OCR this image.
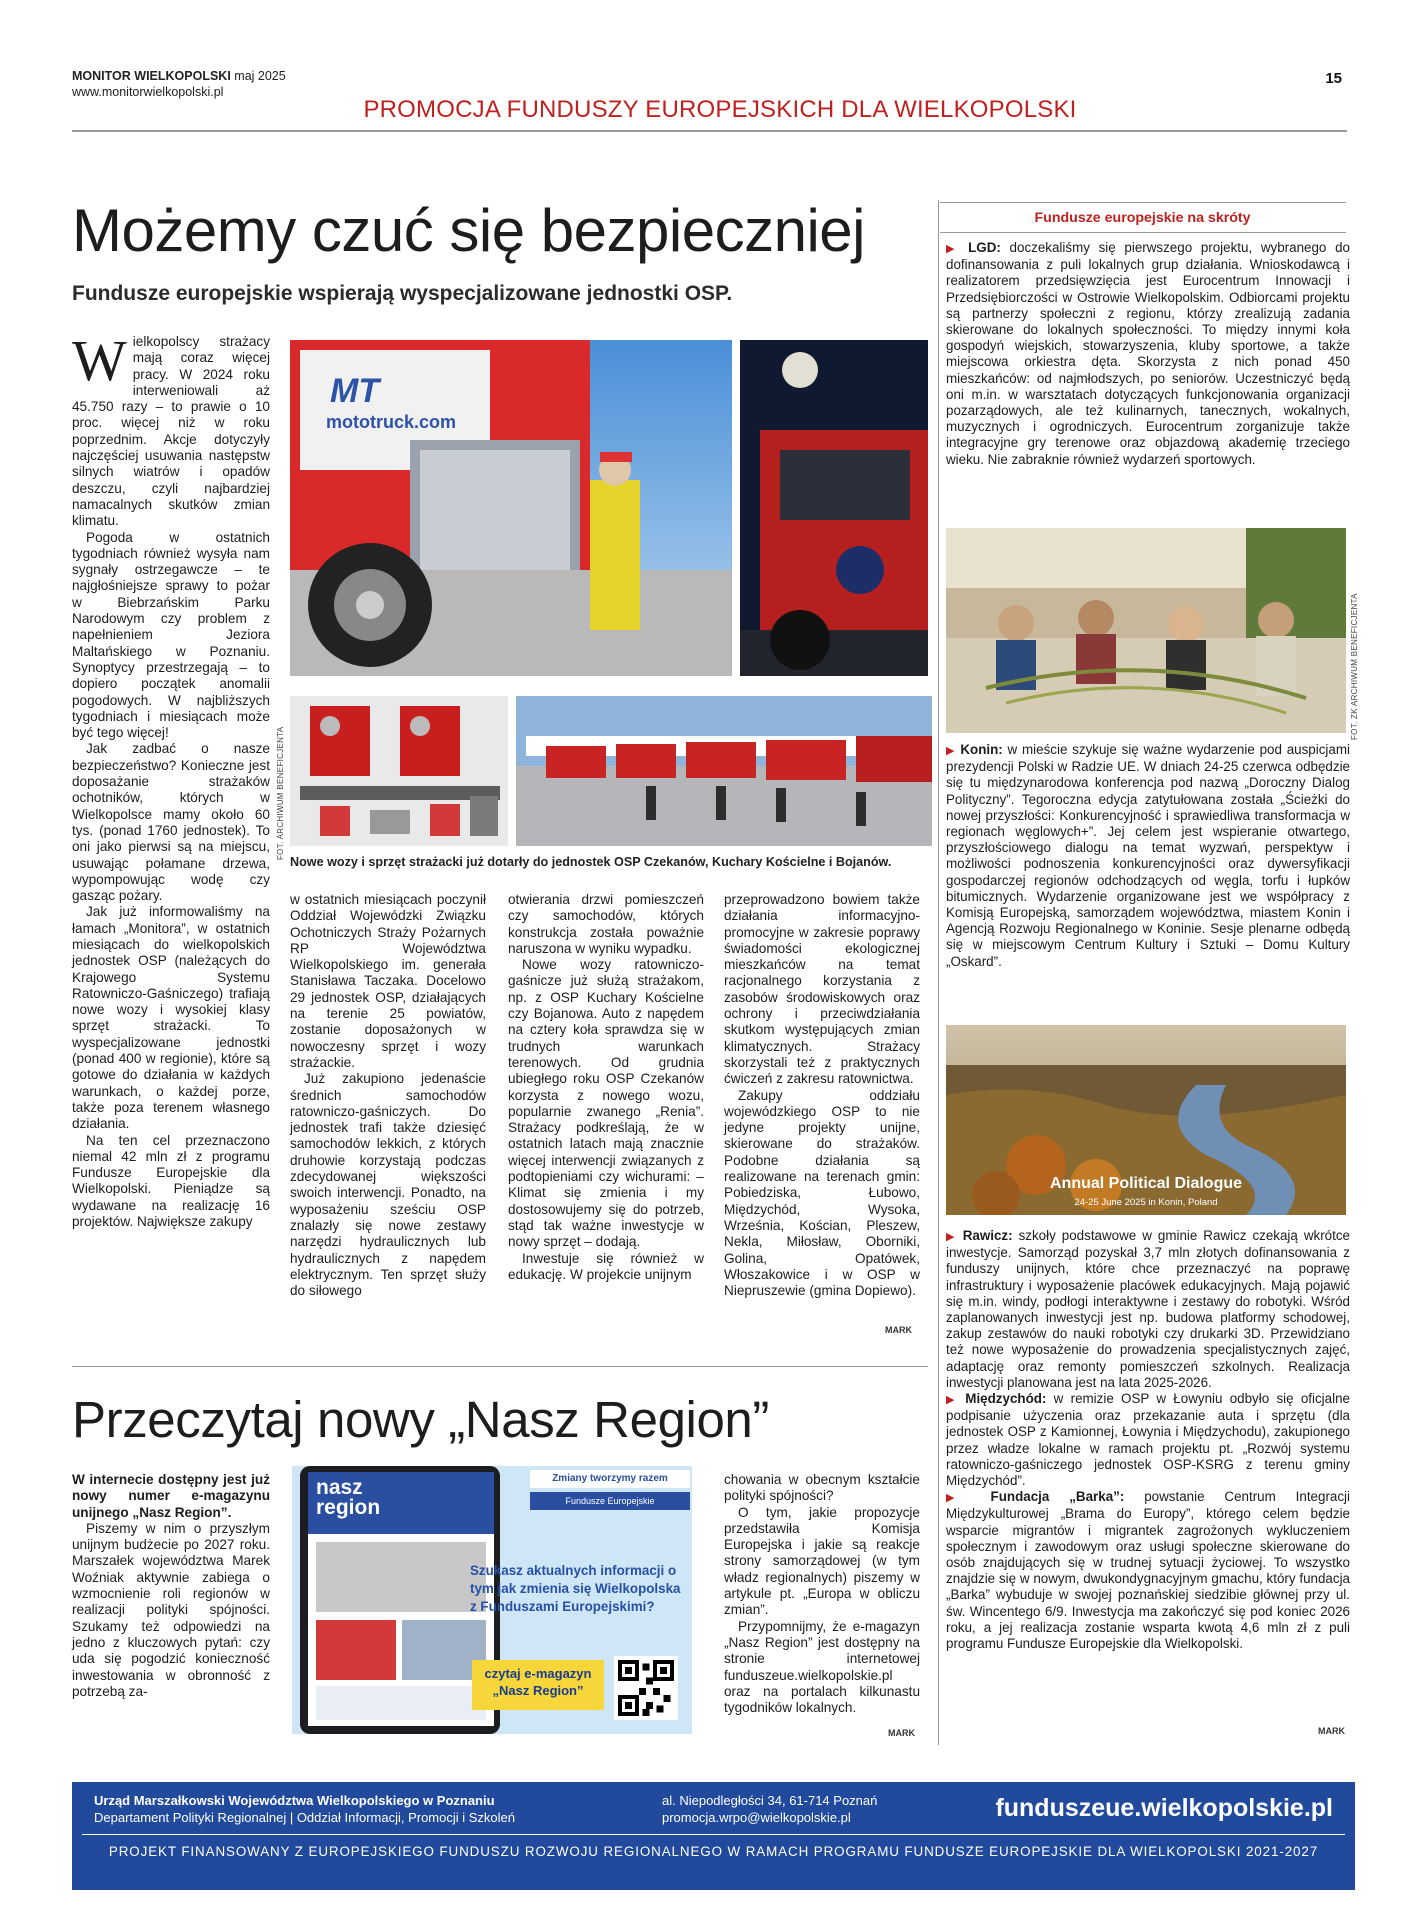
MONITOR WIELKOPOLSKI maj 2025
www.monitorwielkopolski.pl
PROMOCJA FUNDUSZY EUROPEJSKICH DLA WIELKOPOLSKI
15
Możemy czuć się bezpieczniej
Fundusze europejskie wspierają wyspecjalizowane jednostki OSP.

Wielkopolscy strażacy mają coraz więcej pracy. W 2024 roku interweniowali aż 45.750 razy – to prawie o 10 proc. więcej niż w roku poprzednim. Akcje dotyczyły najczęściej usuwania następstw silnych wiatrów i opadów deszczu, czyli najbardziej namacalnych skutków zmian klimatu.

Pogoda w ostatnich tygodniach również wysyła nam sygnały ostrzegawcze – te najgłośniejsze sprawy to pożar w Biebrzańskim Parku Narodowym czy problem z napełnieniem Jeziora Maltańskiego w Poznaniu. Synoptycy przestrzegają – to dopiero początek anomalii pogodowych. W najbliższych tygodniach i miesiącach może być tego więcej!

Jak zadbać o nasze bezpieczeństwo? Konieczne jest doposażanie strażaków ochotników, których w Wielkopolsce mamy około 60 tys. (ponad 1760 jednostek). To oni jako pierwsi są na miejscu, usuwając połamane drzewa, wypompowując wodę czy gasząc pożary.

Jak już informowaliśmy na łamach „Monitora”, w ostatnich miesiącach do wielkopolskich jednostek OSP (należących do Krajowego Systemu Ratowniczo-Gaśniczego) trafiają nowe wozy i wysokiej klasy sprzęt strażacki. To wyspecjalizowane jednostki (ponad 400 w regionie), które są gotowe do działania w każdych warunkach, o każdej porze, także poza terenem własnego działania.

Na ten cel przeznaczono niemal 42 mln zł z programu Fundusze Europejskie dla Wielkopolski. Pieniądze są wydawane na realizację 16 projektów. Największe zakupy

MT
mototruck.com
FOT. ARCHIWUM BENEFICJENTA
Nowe wozy i sprzęt strażacki już dotarły do jednostek OSP Czekanów, Kuchary Kościelne i Bojanów.

w ostatnich miesiącach poczynił Oddział Wojewódzki Związku Ochotniczych Straży Pożarnych RP Województwa Wielkopolskiego im. generała Stanisława Taczaka. Docelowo 29 jednostek OSP, działających na terenie 25 powiatów, zostanie doposażonych w nowoczesny sprzęt i wozy strażackie.

Już zakupiono jedenaście średnich samochodów ratowniczo-gaśniczych. Do jednostek trafi także dziesięć samochodów lekkich, z których druhowie korzystają podczas zdecydowanej większości swoich interwencji. Ponadto, na wyposażeniu sześciu OSP znalazły się nowe zestawy narzędzi hydraulicznych lub hydraulicznych z napędem elektrycznym. Ten sprzęt służy do siłowego

otwierania drzwi pomieszczeń czy samochodów, których konstrukcja została poważnie naruszona w wyniku wypadku.

Nowe wozy ratowniczo-gaśnicze już służą strażakom, np. z OSP Kuchary Kościelne czy Bojanowa. Auto z napędem na cztery koła sprawdza się w trudnych warunkach terenowych. Od grudnia ubiegłego roku OSP Czekanów korzysta z nowego wozu, popularnie zwanego „Renia”. Strażacy podkreślają, że w ostatnich latach mają znacznie więcej interwencji związanych z podtopieniami czy wichurami: – Klimat się zmienia i my dostosowujemy się do potrzeb, stąd tak ważne inwestycje w nowy sprzęt – dodają.

Inwestuje się również w edukację. W projekcie unijnym

przeprowadzono bowiem także działania informacyjno-promocyjne w zakresie poprawy świadomości ekologicznej mieszkańców na temat racjonalnego korzystania z zasobów środowiskowych oraz ochrony i przeciwdziałania skutkom występujących zmian klimatycznych. Strażacy skorzystali też z praktycznych ćwiczeń z zakresu ratownictwa.

Zakupy oddziału wojewódzkiego OSP to nie jedyne projekty unijne, skierowane do strażaków. Podobne działania są realizowane na terenach gmin: Pobiedziska, Łubowo, Międzychód, Wysoka, Września, Kościan, Pleszew, Nekla, Miłosław, Oborniki, Golina, Opatówek, Włoszakowice i w OSP w Niepruszewie (gmina Dopiewo).

MARK
Fundusze europejskie na skróty
▶ LGD: doczekaliśmy się pierwszego projektu, wybranego do dofinansowania z puli lokalnych grup działania. Wnioskodawcą i realizatorem przedsięwzięcia jest Eurocentrum Innowacji i Przedsiębiorczości w Ostrowie Wielkopolskim. Odbiorcami projektu są partnerzy społeczni z regionu, którzy zrealizują zadania skierowane do lokalnych społeczności. To między innymi koła gospodyń wiejskich, stowarzyszenia, kluby sportowe, a także miejscowa orkiestra dęta. Skorzysta z nich ponad 450 mieszkańców: od najmłodszych, po seniorów. Uczestniczyć będą oni m.in. w warsztatach dotyczących funkcjonowania organizacji pozarządowych, ale też kulinarnych, tanecznych, wokalnych, muzycznych i ogrodniczych. Eurocentrum zorganizuje także integracyjne gry terenowe oraz objazdową akademię trzeciego wieku. Nie zabraknie również wydarzeń sportowych.
FOT. ZK ARCHIWUM BENEFICJENTA
▶ Konin: w mieście szykuje się ważne wydarzenie pod auspicjami prezydencji Polski w Radzie UE. W dniach 24-25 czerwca odbędzie się tu międzynarodowa konferencja pod nazwą „Doroczny Dialog Polityczny”. Tegoroczna edycja zatytułowana została „Ścieżki do nowej przyszłości: Konkurencyjność i sprawiedliwa transformacja w regionach węglowych+”. Jej celem jest wspieranie otwartego, przyszłościowego dialogu na temat wyzwań, perspektyw i możliwości podnoszenia konkurencyjności oraz dywersyfikacji gospodarczej regionów odchodzących od węgla, torfu i łupków bitumicznych. Wydarzenie organizowane jest we współpracy z Komisją Europejską, samorządem województwa, miastem Konin i Agencją Rozwoju Regionalnego w Koninie. Sesje plenarne odbędą się w miejscowym Centrum Kultury i Sztuki – Domu Kultury „Oskard”.
Annual Political Dialogue
24-25 June 2025 in Konin, Poland
▶ Rawicz: szkoły podstawowe w gminie Rawicz czekają wkrótce inwestycje. Samorząd pozyskał 3,7 mln złotych dofinansowania z funduszy unijnych, które chce przeznaczyć na poprawę infrastruktury i wyposażenie placówek edukacyjnych. Mają pojawić się m.in. windy, podłogi interaktywne i zestawy do robotyki. Wśród zaplanowanych inwestycji jest np. budowa platformy schodowej, zakup zestawów do nauki robotyki czy drukarki 3D. Przewidziano też nowe wyposażenie do prowadzenia specjalistycznych zajęć, adaptację oraz remonty pomieszczeń szkolnych. Realizacja inwestycji planowana jest na lata 2025-2026.
▶ Międzychód: w remizie OSP w Łowyniu odbyło się oficjalne podpisanie użyczenia oraz przekazanie auta i sprzętu (dla jednostek OSP z Kamionnej, Łowynia i Międzychodu), zakupionego przez władze lokalne w ramach projektu pt. „Rozwój systemu ratowniczo-gaśniczego jednostek OSP-KSRG z terenu gminy Międzychód”.
▶ Fundacja „Barka”: powstanie Centrum Integracji Międzykulturowej „Brama do Europy”, którego celem będzie wsparcie migrantów i migrantek zagrożonych wykluczeniem społecznym i zawodowym oraz usługi społeczne skierowane do osób znajdujących się w trudnej sytuacji życiowej. To wszystko znajdzie się w nowym, dwukondygnacyjnym gmachu, który fundacja „Barka” wybuduje w swojej poznańskiej siedzibie głównej przy ul. św. Wincentego 6/9. Inwestycja ma zakończyć się pod koniec 2026 roku, a jej realizacja zostanie wsparta kwotą 4,6 mln zł z puli programu Fundusze Europejskie dla Wielkopolski.
MARK
Przeczytaj nowy „Nasz Region”

W internecie dostępny jest już nowy numer e-magazynu unijnego „Nasz Region”.

Piszemy w nim o przyszłym unijnym budżecie po 2027 roku. Marszałek województwa Marek Woźniak aktywnie zabiega o wzmocnienie roli regionów w realizacji polityki spójności. Szukamy też odpowiedzi na jedno z kluczowych pytań: czy uda się pogodzić konieczność inwestowania w obronność z potrzebą za-

nasz
region
Zmiany tworzymy razem
Fundusze Europejskie
Szukasz aktualnych informacji o tym jak zmienia się Wielkopolska z Funduszami Europejskimi?
czytaj e-magazyn
„Nasz Region”

chowania w obecnym kształcie polityki spójności?

O tym, jakie propozycje przedstawiła Komisja Europejska i jakie są reakcje strony samorządowej (w tym władz regionalnych) piszemy w artykule pt. „Europa w obliczu zmian”.

Przypomnijmy, że e-magazyn „Nasz Region” jest dostępny na stronie internetowej funduszeue.wielkopolskie.pl oraz na portalach kilkunastu tygodników lokalnych.

MARK
Urząd Marszałkowski Województwa Wielkopolskiego w Poznaniu
Departament Polityki Regionalnej | Oddział Informacji, Promocji i Szkoleń
al. Niepodległości 34, 61-714 Poznań
promocja.wrpo@wielkopolskie.pl	funduszeue.wielkopolskie.pl
PROJEKT FINANSOWANY Z EUROPEJSKIEGO FUNDUSZU ROZWOJU REGIONALNEGO W RAMACH PROGRAMU FUNDUSZE EUROPEJSKIE DLA WIELKOPOLSKI 2021-2027
